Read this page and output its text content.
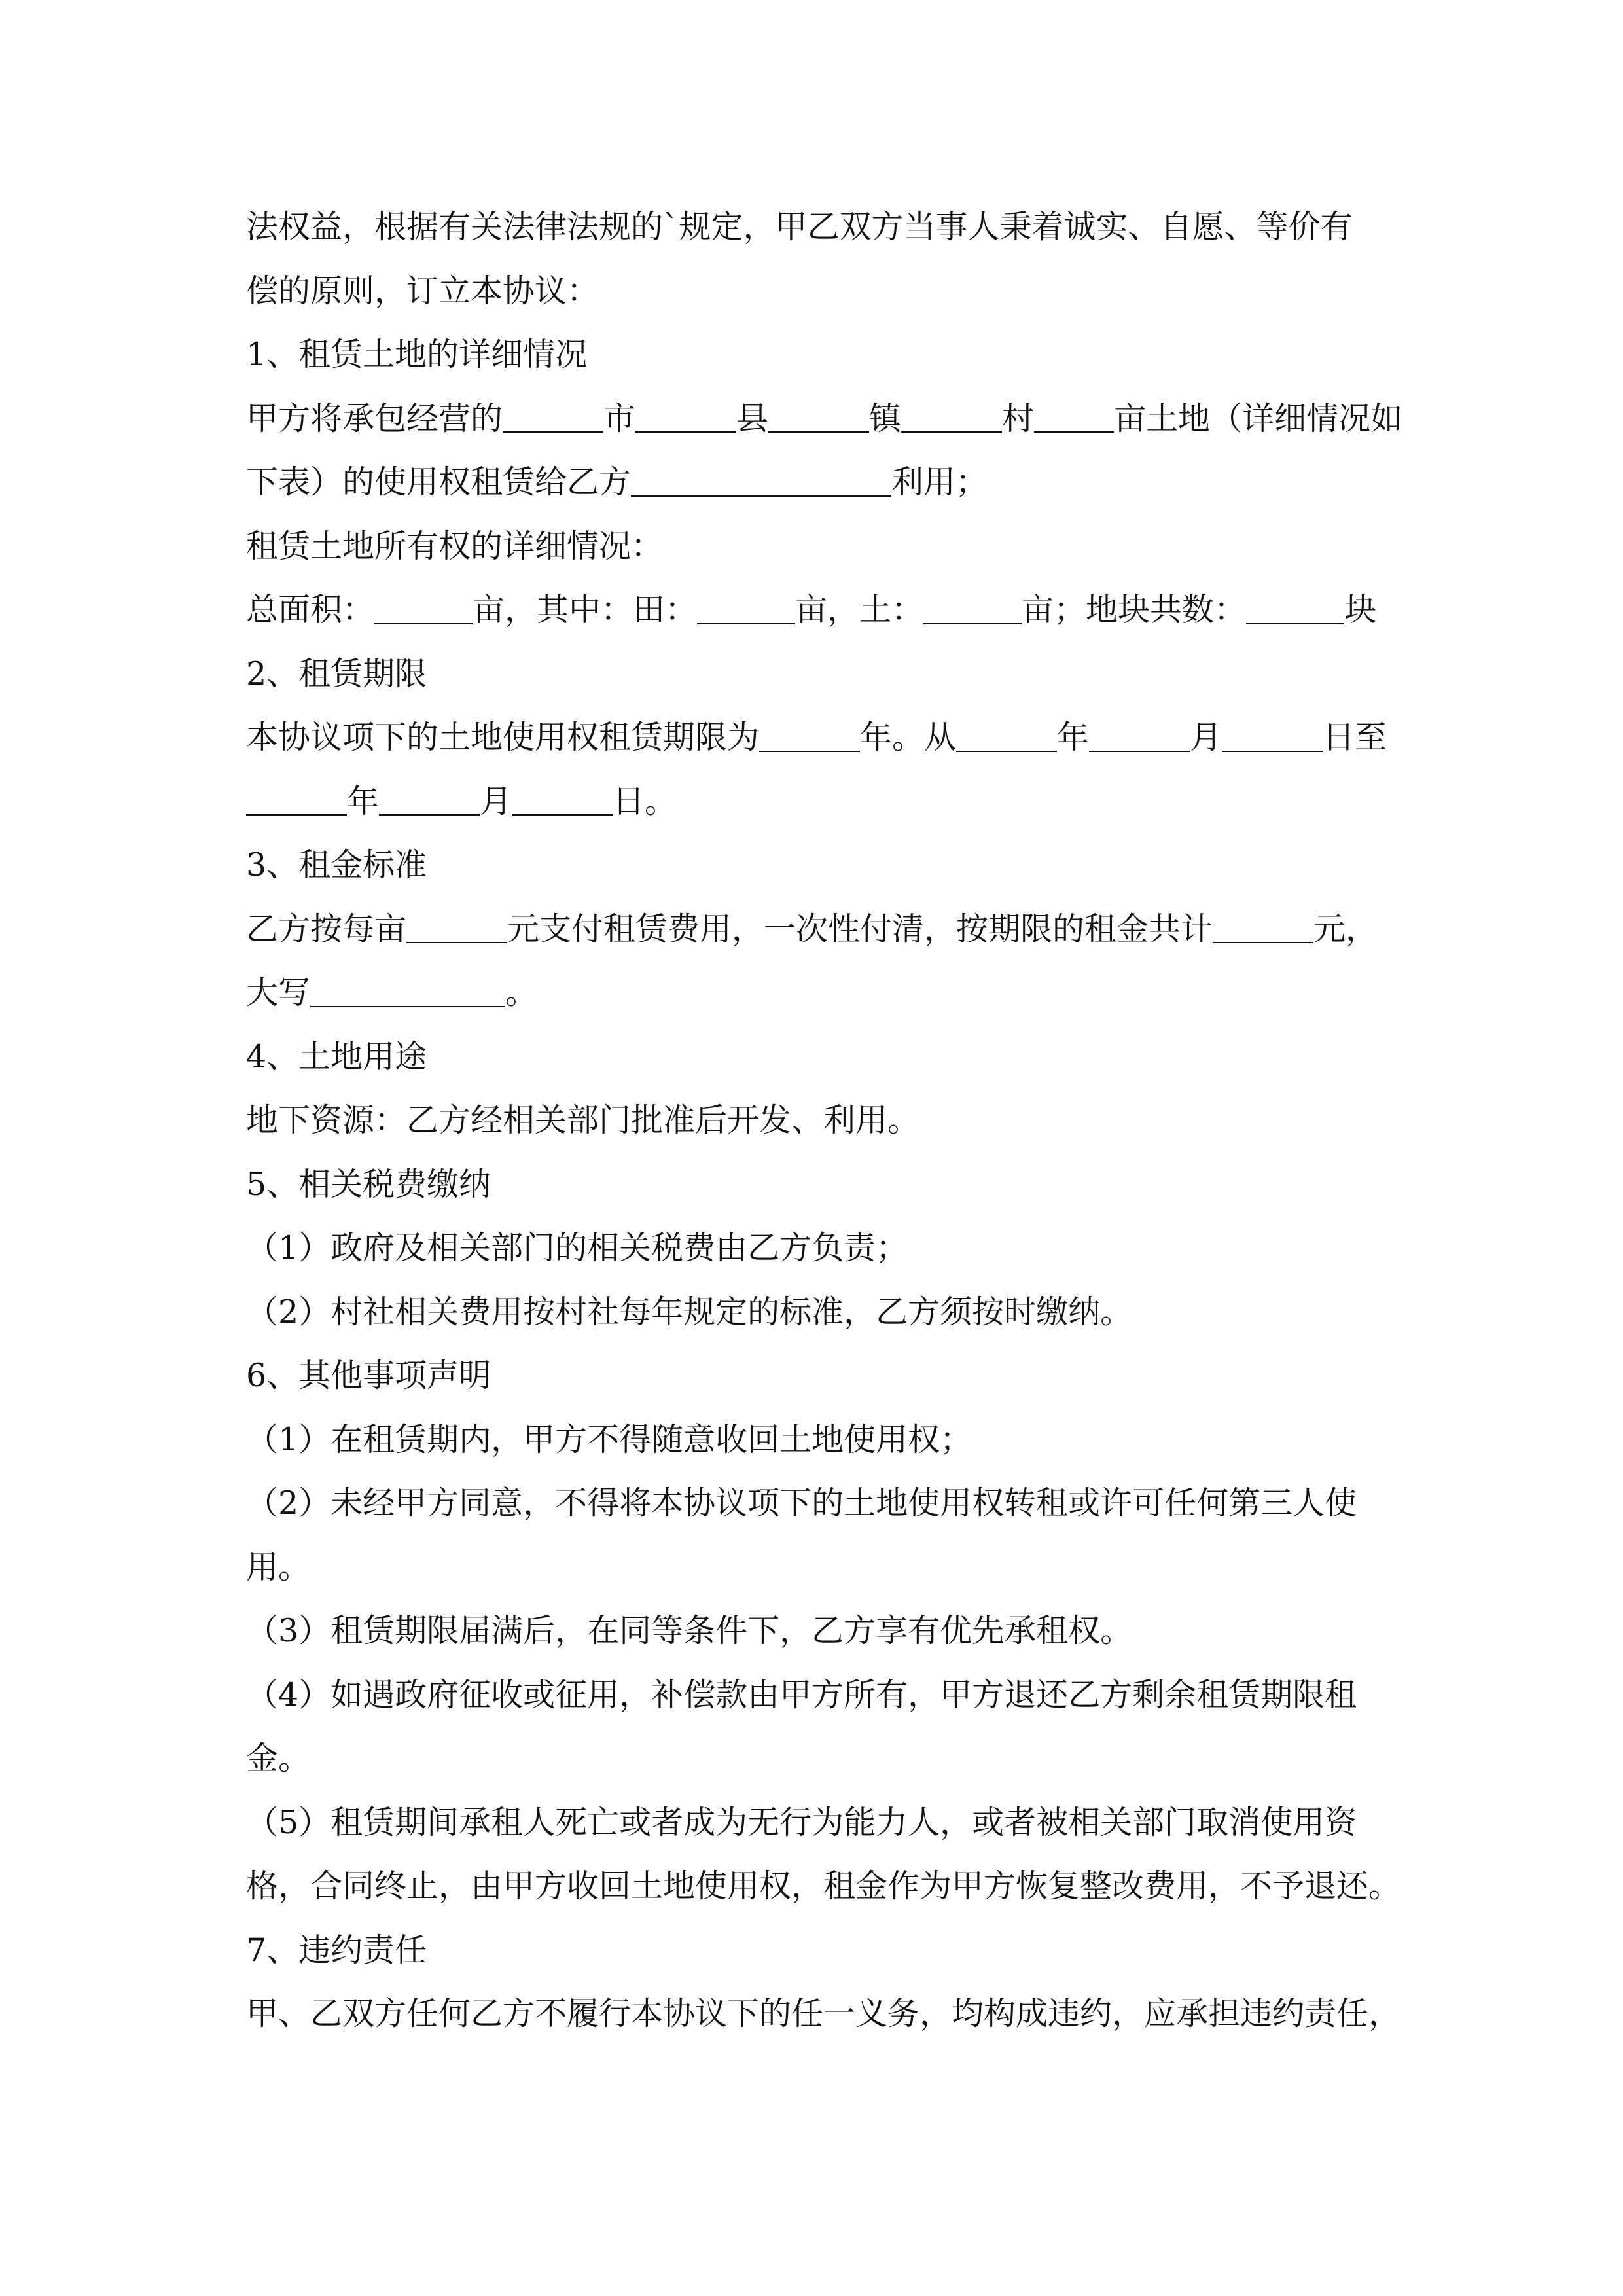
法权益，根据有关法律法规的`规定，甲乙双方当事人秉着诚实、自愿、等价有
偿的原则，订立本协议：
1、租赁土地的详细情况
甲方将承包经营的	市	县	镇	村 亩土地（详细情况如
下表）的使用权租赁给乙方	利用；
租赁土地所有权的详细情况：
总面积：	亩，其中：田：	亩，土：	亩；地块共数：	块
2、租赁期限
本协议项下的土地使用权租赁期限为	年。从	年	月	日至
年	月	日。
3、租金标准
乙方按每亩	元支付租赁费用，一次性付清，按期限的租金共计	元，
大写	。
4、土地用途
地下资源：乙方经相关部门批准后开发、利用。
5、相关税费缴纳
（1）政府及相关部门的相关税费由乙方负责；
（2）村社相关费用按村社每年规定的标准，乙方须按时缴纳。
6、其他事项声明
（1）在租赁期内，甲方不得随意收回土地使用权；
（2）未经甲方同意，不得将本协议项下的土地使用权转租或许可任何第三人使
用。
（3）租赁期限届满后，在同等条件下，乙方享有优先承租权。
（4）如遇政府征收或征用，补偿款由甲方所有，甲方退还乙方剩余租赁期限租
金。
（5）租赁期间承租人死亡或者成为无行为能力人，或者被相关部门取消使用资
格，合同终止，由甲方收回土地使用权，租金作为甲方恢复整改费用，不予退还。
7、违约责任
甲、乙双方任何乙方不履行本协议下的任一义务，均构成违约，应承担违约责任，
